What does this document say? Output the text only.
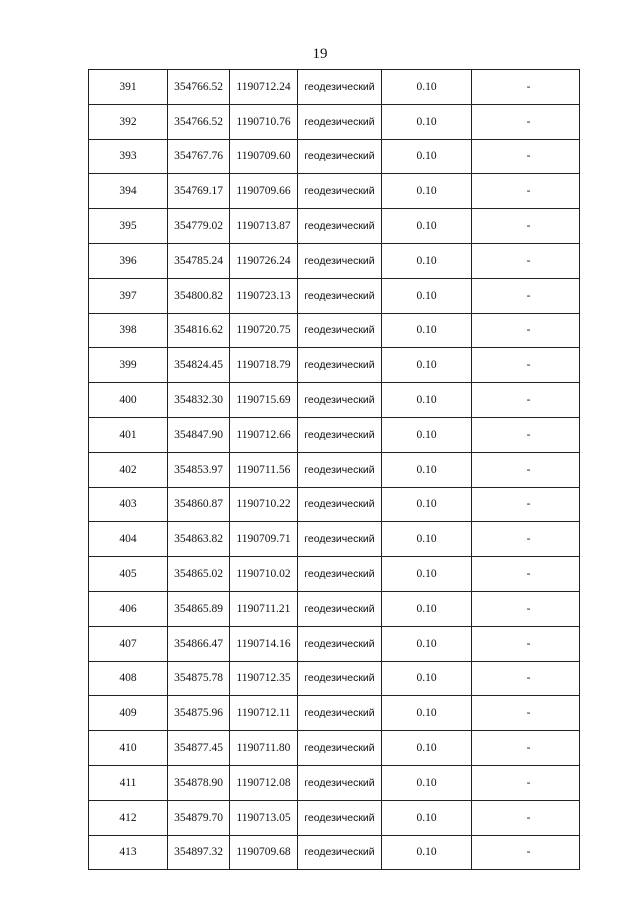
19
391	354766.52	1190712.24	геодезический	0.10	-
392	354766.52	1190710.76	геодезический	0.10	-
393	354767.76	1190709.60	геодезический	0.10	-
394	354769.17	1190709.66	геодезический	0.10	-
395	354779.02	1190713.87	геодезический	0.10	-
396	354785.24	1190726.24	геодезический	0.10	-
397	354800.82	1190723.13	геодезический	0.10	-
398	354816.62	1190720.75	геодезический	0.10	-
399	354824.45	1190718.79	геодезический	0.10	-
400	354832.30	1190715.69	геодезический	0.10	-
401	354847.90	1190712.66	геодезический	0.10	-
402	354853.97	1190711.56	геодезический	0.10	-
403	354860.87	1190710.22	геодезический	0.10	-
404	354863.82	1190709.71	геодезический	0.10	-
405	354865.02	1190710.02	геодезический	0.10	-
406	354865.89	1190711.21	геодезический	0.10	-
407	354866.47	1190714.16	геодезический	0.10	-
408	354875.78	1190712.35	геодезический	0.10	-
409	354875.96	1190712.11	геодезический	0.10	-
410	354877.45	1190711.80	геодезический	0.10	-
411	354878.90	1190712.08	геодезический	0.10	-
412	354879.70	1190713.05	геодезический	0.10	-
413	354897.32	1190709.68	геодезический	0.10	-
